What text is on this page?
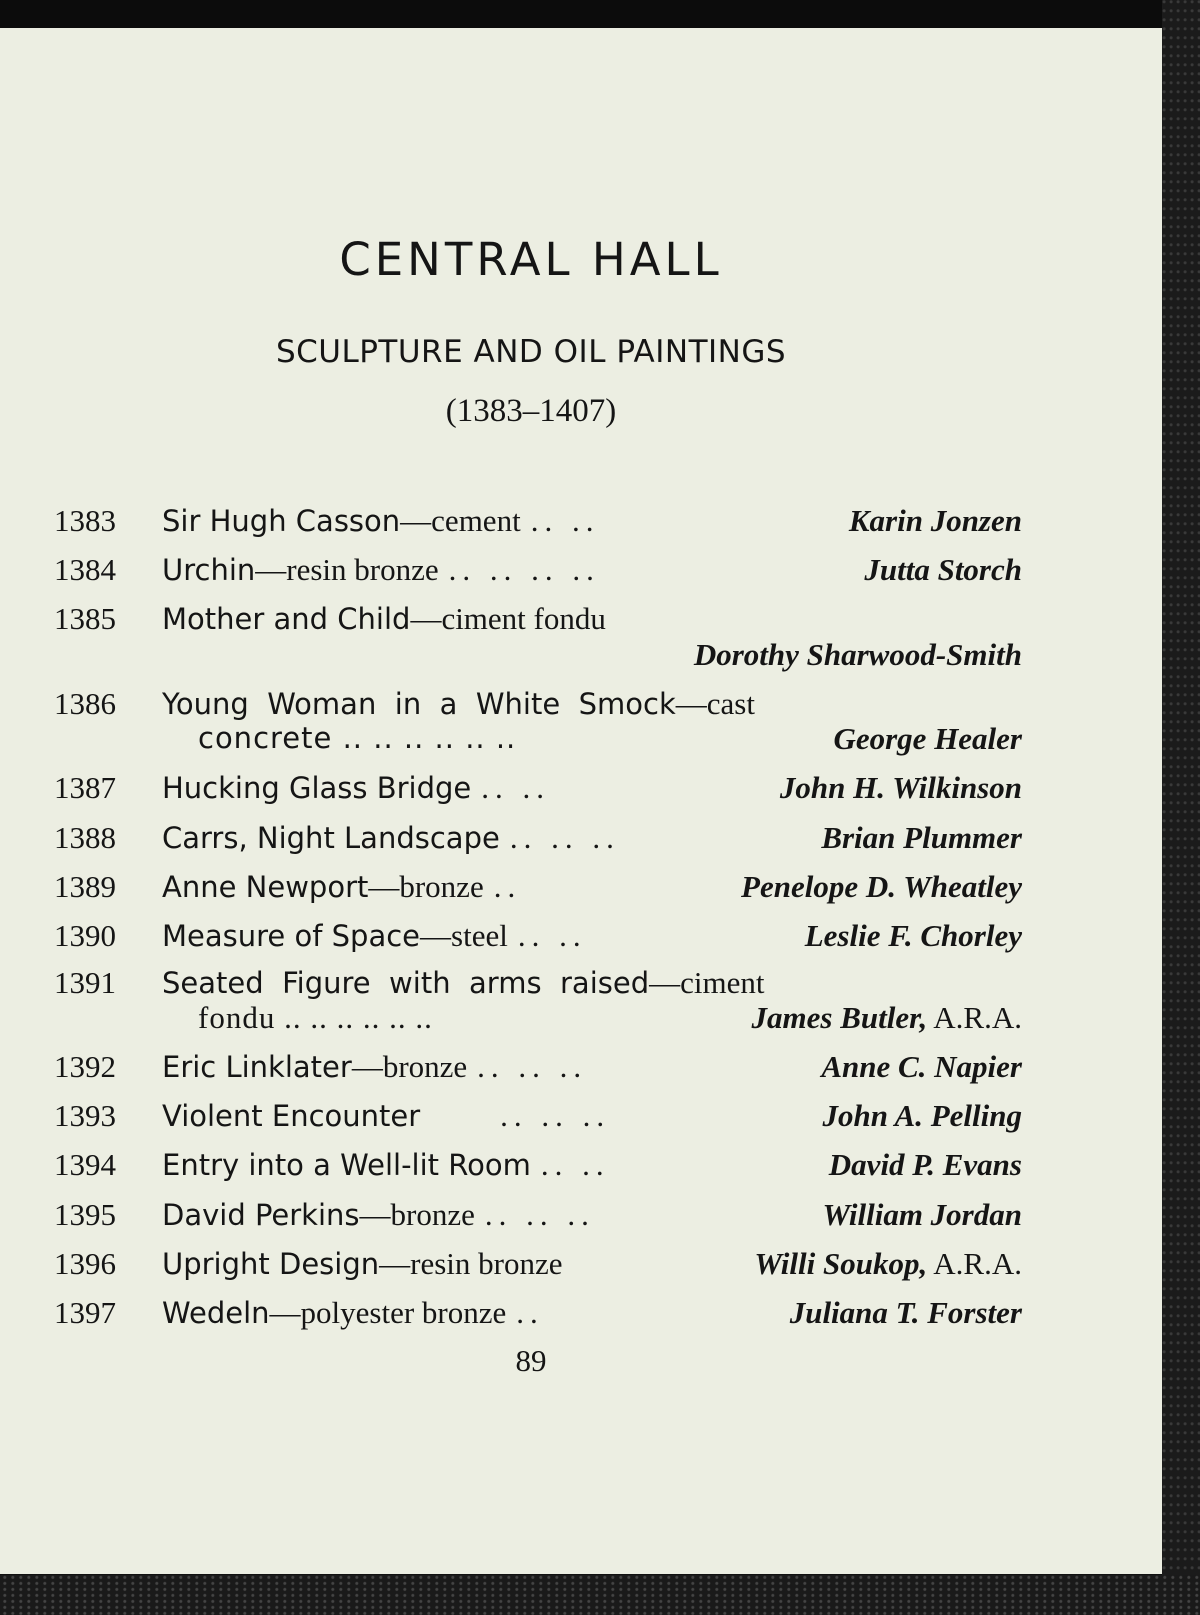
CENTRAL HALL
SCULPTURE AND OIL PAINTINGS
(1383–1407)
1383 Sir Hugh Casson—cement .. ..	Karin Jonzen
1384 Urchin—resin bronze .. .. .. ..	Jutta Storch
1385 Mother and Child—ciment fondu
Dorothy Sharwood-Smith
1386 Young  Woman  in  a  White  Smock—cast
concrete .. .. .. .. .. ..	George Healer
1387 Hucking Glass Bridge .. ..	John H. Wilkinson
1388 Carrs, Night Landscape .. .. ..	Brian Plummer
1389 Anne Newport—bronze ..	Penelope D. Wheatley
1390 Measure of Space—steel .. ..	Leslie F. Chorley
1391 Seated  Figure  with  arms  raised—ciment
fondu .. .. .. .. .. ..	James Butler, A.R.A.
1392 Eric Linklater—bronze .. .. ..	Anne C. Napier
1393 Violent Encounter	.. .. ..	John A. Pelling
1394 Entry into a Well-lit Room .. ..	David P. Evans
1395 David Perkins—bronze .. .. ..	William Jordan
1396 Upright Design—resin bronze	Willi Soukop, A.R.A.
1397 Wedeln—polyester bronze ..	Juliana T. Forster
89
